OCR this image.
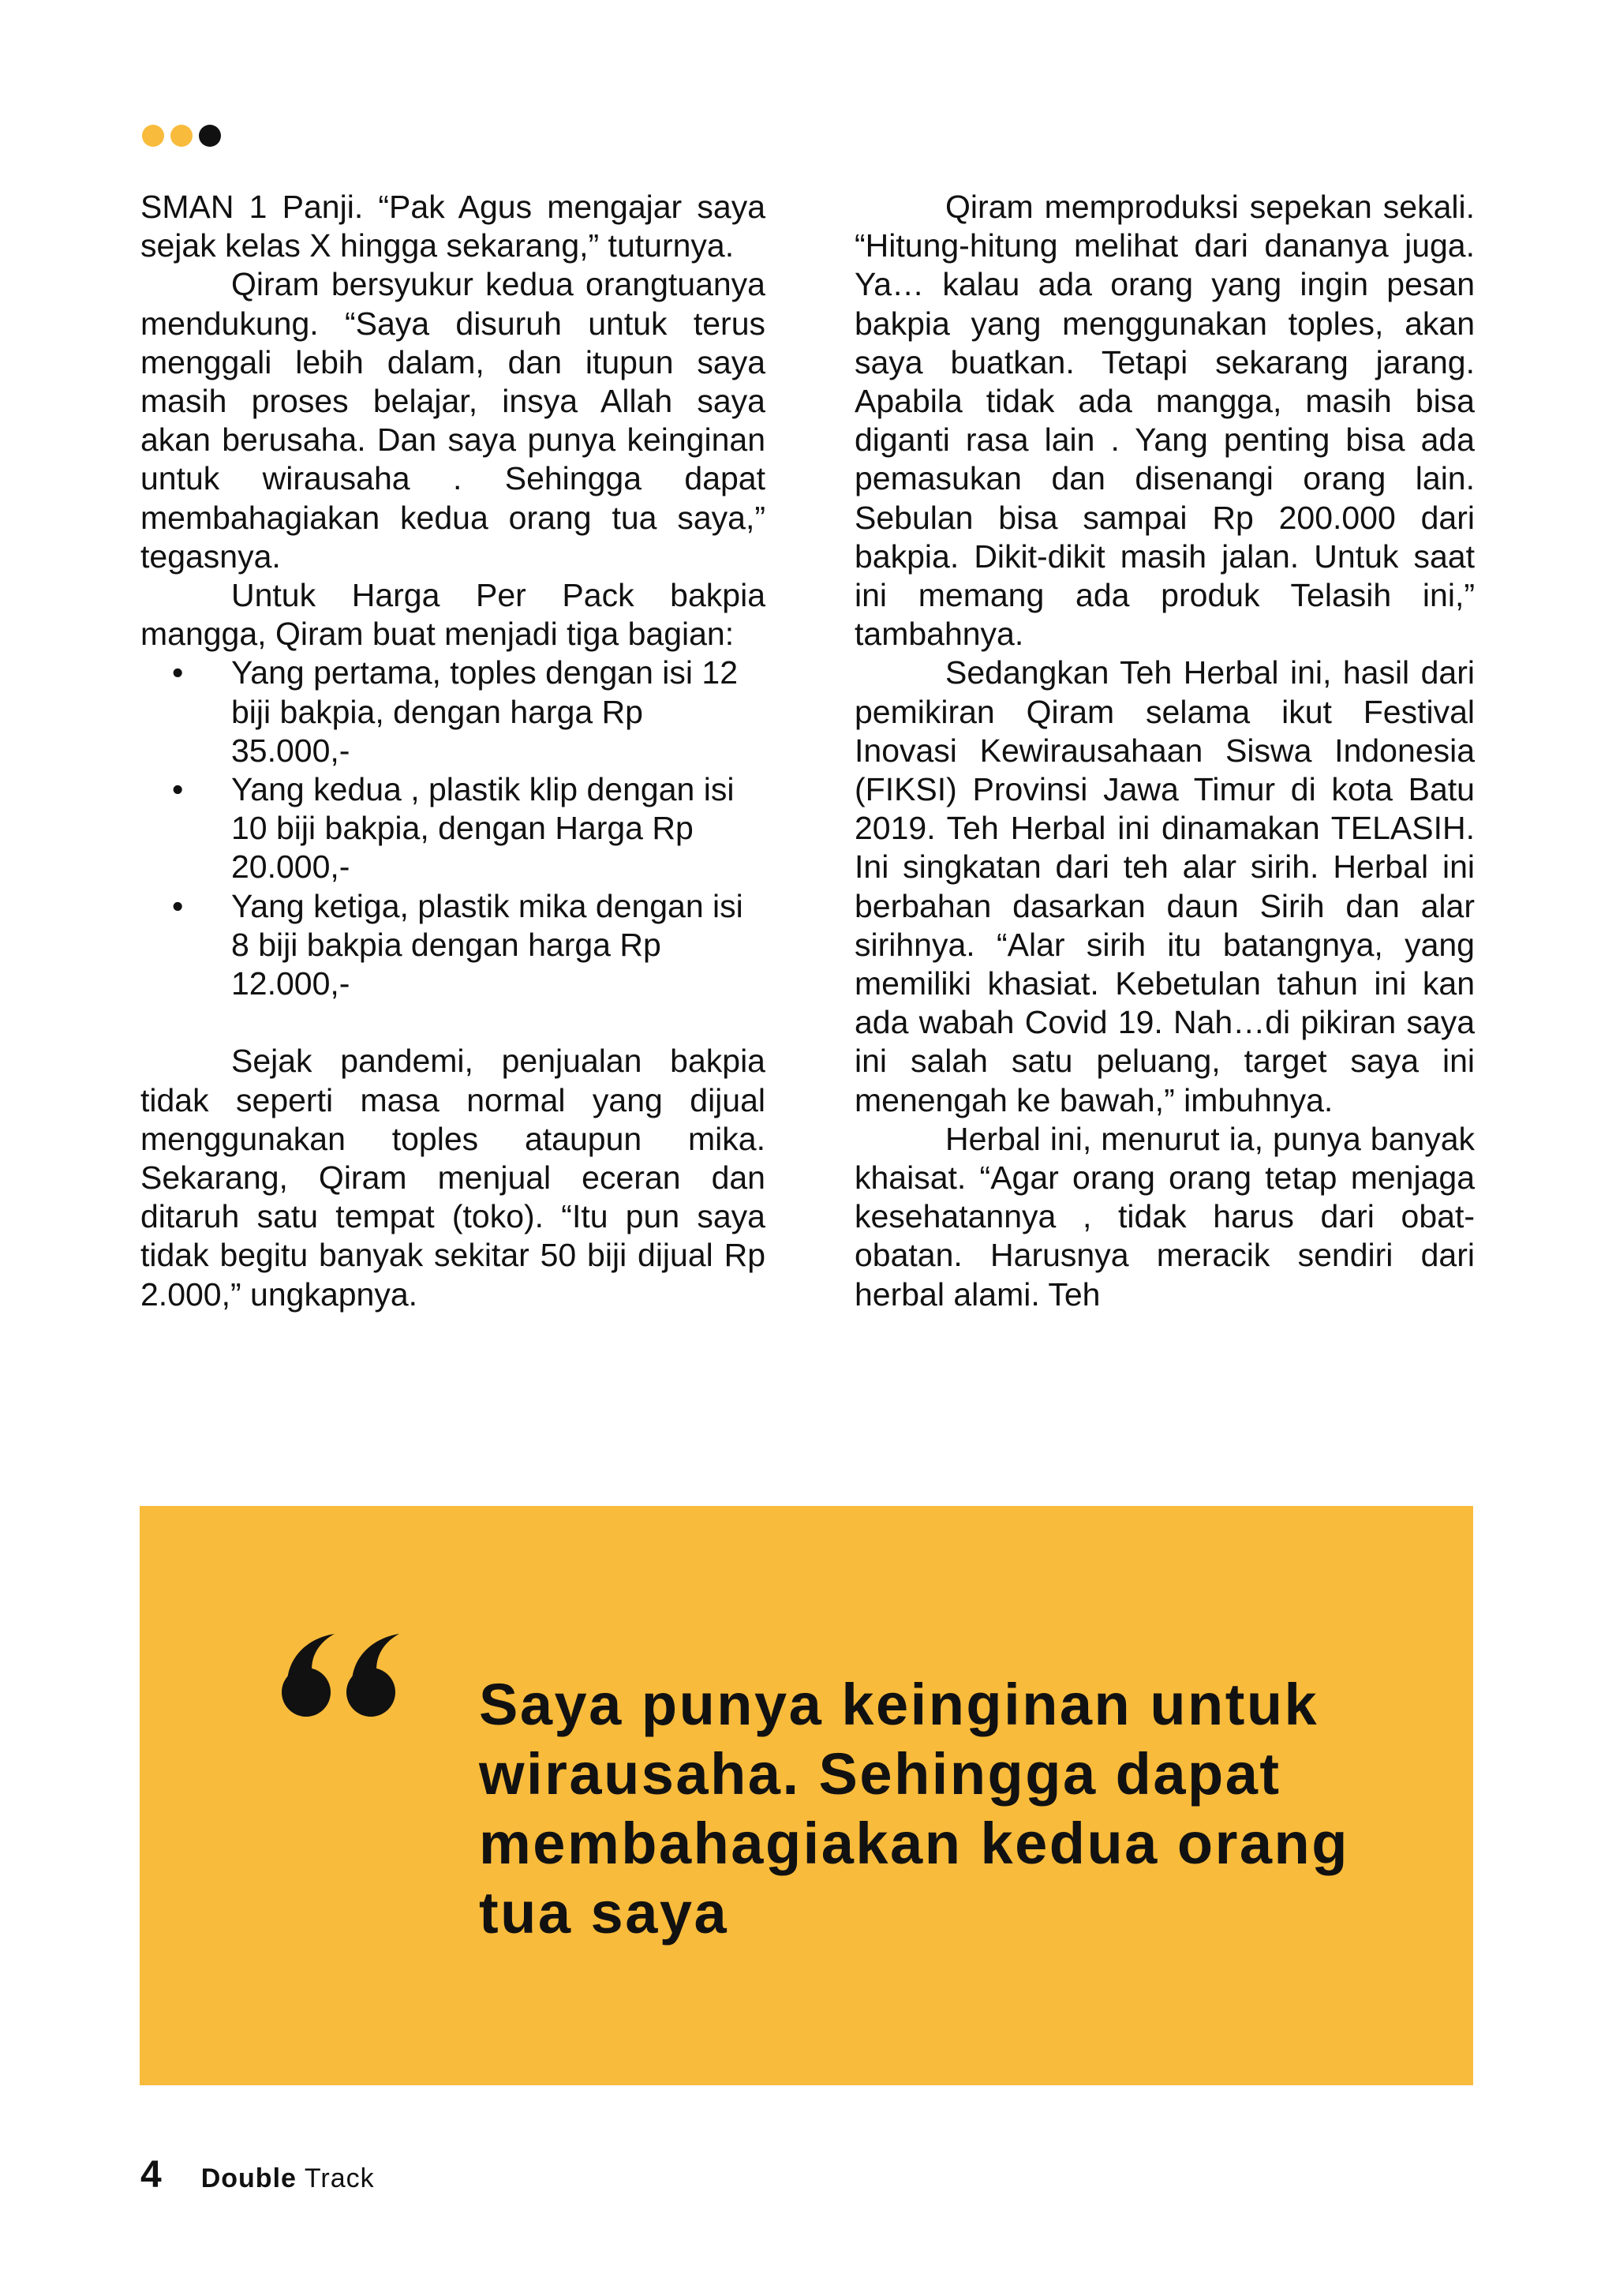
SMAN 1 Panji. “Pak Agus mengajar saya sejak kelas X hingga sekarang,” tuturnya.

Qiram bersyukur kedua orangtuanya mendukung. “Saya disuruh untuk terus menggali lebih dalam, dan itupun saya masih proses belajar, insya Allah saya akan berusaha. Dan saya punya keinginan untuk wirausaha . Sehingga dapat membahagiakan kedua orang tua saya,” tegasnya.

Untuk Harga Per Pack bakpia mangga, Qiram buat menjadi tiga bagian:

• Yang pertama, toples dengan isi 12 biji bakpia, dengan harga Rp 35.000,-
• Yang kedua , plastik klip dengan isi 10 biji bakpia, dengan Harga Rp 20.000,-
• Yang ketiga, plastik mika dengan isi 8 biji bakpia dengan harga Rp 12.000,-

Sejak pandemi, penjualan bakpia tidak seperti masa normal yang dijual menggunakan toples ataupun mika. Sekarang, Qiram menjual eceran dan ditaruh satu tempat (toko). “Itu pun saya tidak begitu banyak sekitar 50 biji dijual Rp 2.000,” ungkapnya.

Qiram memproduksi sepekan sekali. “Hitung-hitung melihat dari dananya juga. Ya… kalau ada orang yang ingin pesan bakpia yang menggunakan toples, akan saya buatkan. Tetapi sekarang jarang. Apabila tidak ada mangga, masih bisa diganti rasa lain . Yang penting bisa ada pemasukan dan disenangi orang lain. Sebulan bisa sampai Rp 200.000 dari bakpia. Dikit-dikit masih jalan. Untuk saat ini memang ada produk Telasih ini,” tambahnya.

Sedangkan Teh Herbal ini, hasil dari pemikiran Qiram selama ikut Festival Inovasi Kewirausahaan Siswa Indonesia (FIKSI) Provinsi Jawa Timur di kota Batu 2019. Teh Herbal ini dinamakan TELASIH. Ini singkatan dari teh alar sirih. Herbal ini berbahan dasarkan daun Sirih dan alar sirihnya. “Alar sirih itu batangnya, yang memiliki khasiat. Kebetulan tahun ini kan ada wabah Covid 19. Nah…di pikiran saya ini salah satu peluang, target saya ini menengah ke bawah,” imbuhnya.

Herbal ini, menurut ia, punya banyak khaisat. “Agar orang orang tetap menjaga kesehatannya , tidak harus dari obat-obatan. Harusnya meracik sendiri dari herbal alami. Teh

Saya punya keinginan untuk wirausaha. Sehingga dapat membahagiakan kedua orang tua saya

4 Double Track
